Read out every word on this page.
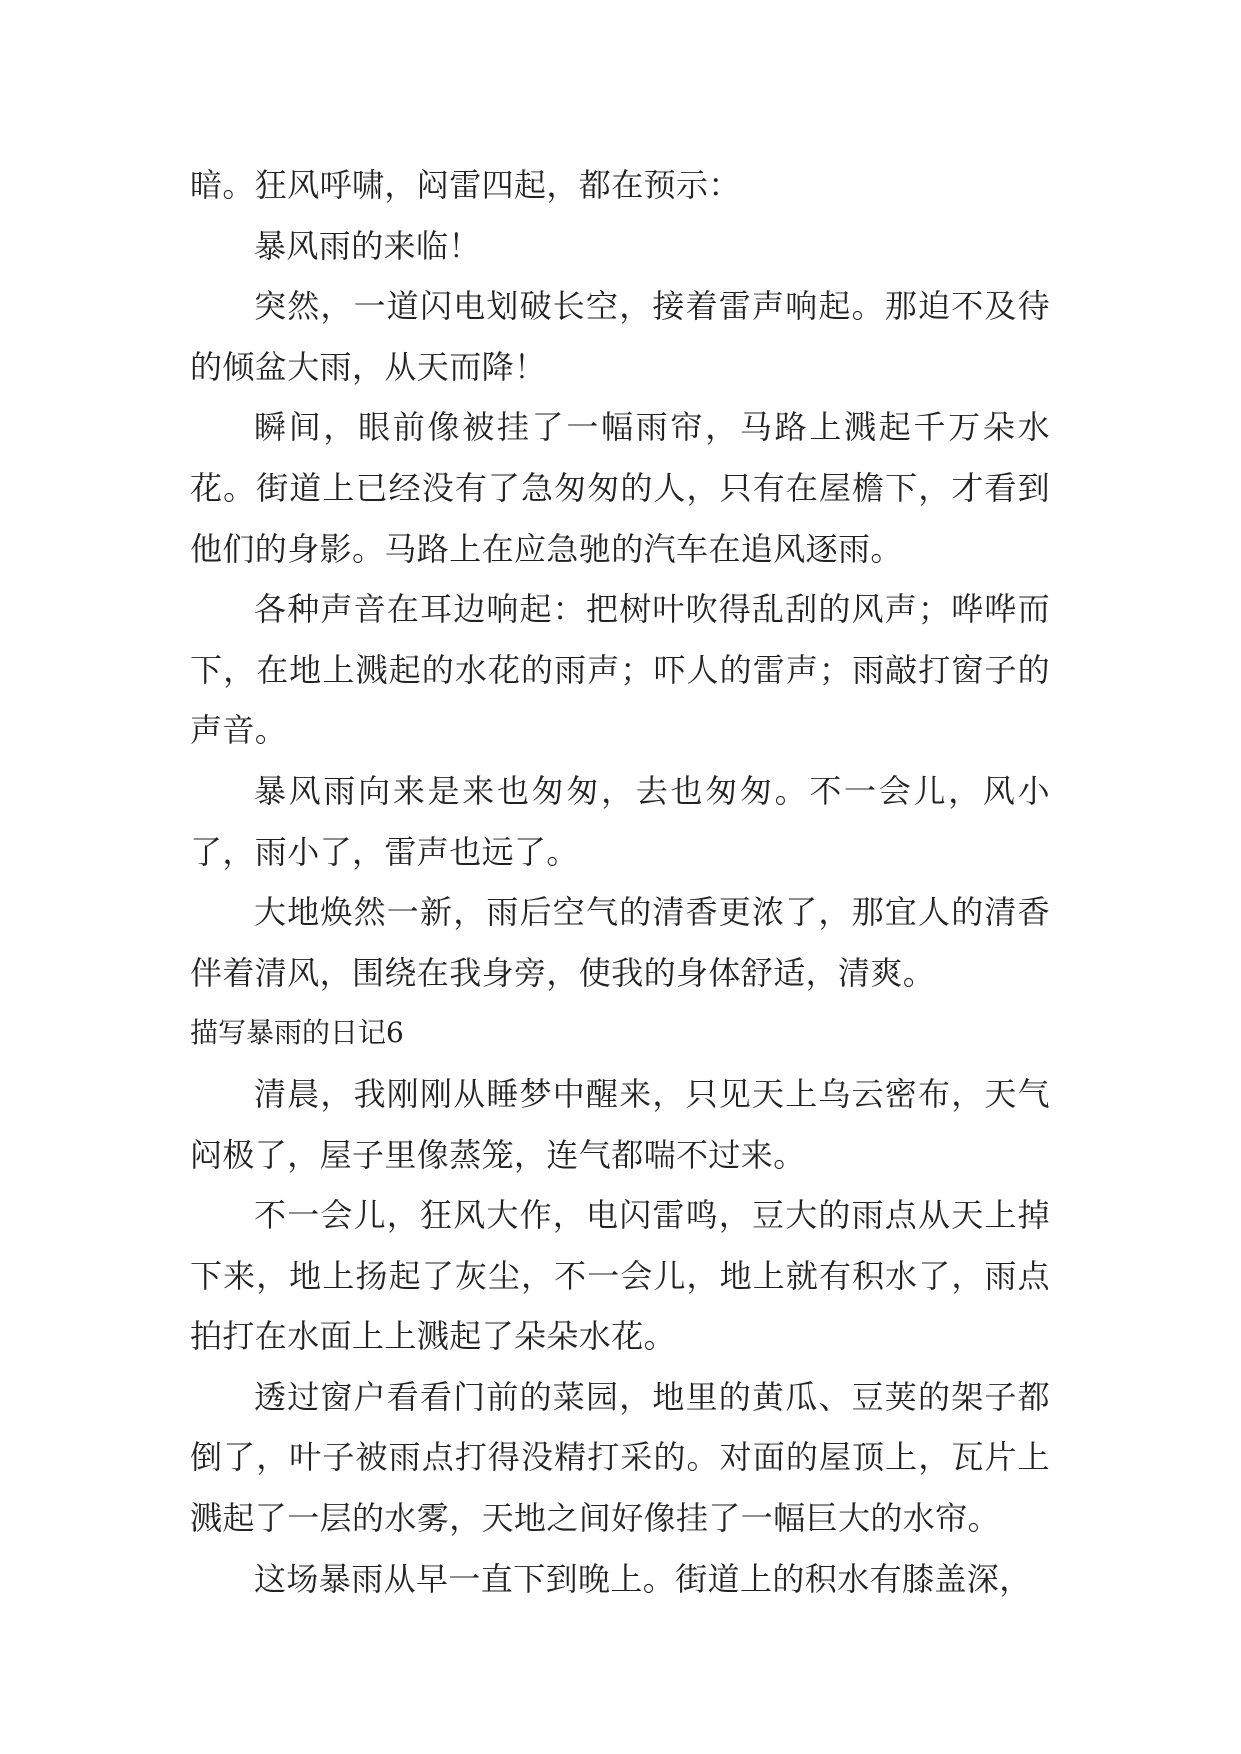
暗。狂风呼啸，闷雷四起，都在预示：

暴风雨的来临！

突然，一道闪电划破长空，接着雷声响起。那迫不及待的倾盆大雨，从天而降！

瞬间，眼前像被挂了一幅雨帘，马路上溅起千万朵水花。街道上已经没有了急匆匆的人，只有在屋檐下，才看到他们的身影。马路上在应急驰的汽车在追风逐雨。

各种声音在耳边响起：把树叶吹得乱刮的风声；哗哗而下，在地上溅起的水花的雨声；吓人的雷声；雨敲打窗子的声音。

暴风雨向来是来也匆匆，去也匆匆。不一会儿，风小了，雨小了，雷声也远了。

大地焕然一新，雨后空气的清香更浓了，那宜人的清香伴着清风，围绕在我身旁，使我的身体舒适，清爽。

描写暴雨的日记6

清晨，我刚刚从睡梦中醒来，只见天上乌云密布，天气闷极了，屋子里像蒸笼，连气都喘不过来。

不一会儿，狂风大作，电闪雷鸣，豆大的雨点从天上掉下来，地上扬起了灰尘，不一会儿，地上就有积水了，雨点拍打在水面上上溅起了朵朵水花。

透过窗户看看门前的菜园，地里的黄瓜、豆荚的架子都倒了，叶子被雨点打得没精打采的。对面的屋顶上，瓦片上溅起了一层的水雾，天地之间好像挂了一幅巨大的水帘。

这场暴雨从早一直下到晚上。街道上的积水有膝盖深，
